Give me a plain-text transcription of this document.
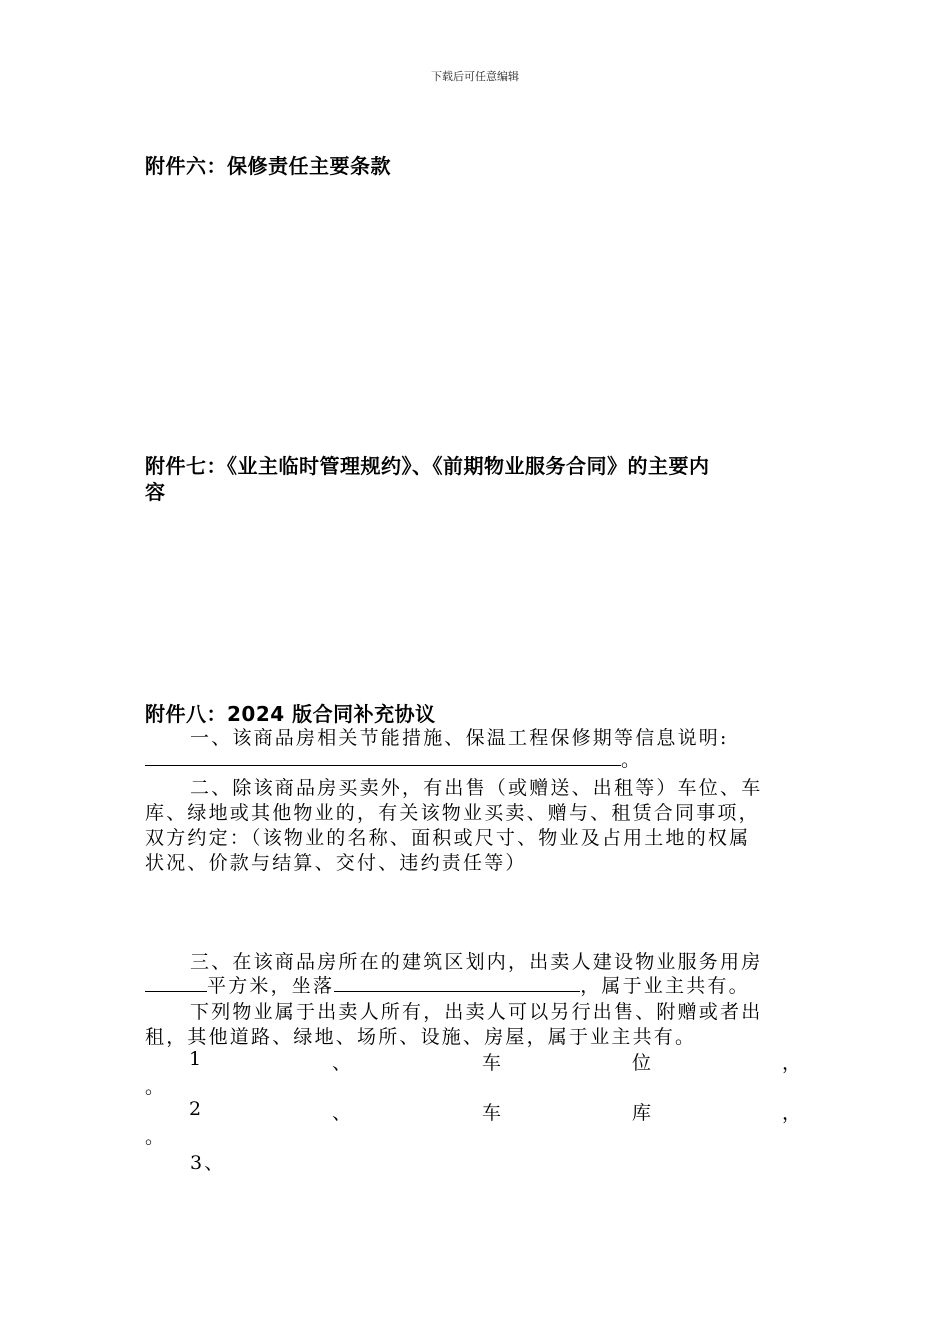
下载后可任意编辑
附件六：保修责任主要条款
附件七：《业主临时管理规约》、《前期物业服务合同》的主要内
容
附件八：2024 版合同补充协议
一、该商品房相关节能措施、保温工程保修期等信息说明:
。
二、除该商品房买卖外，有出售（或赠送、出租等）车位、车
库、绿地或其他物业的，有关该物业买卖、赠与、租赁合同事项，
双方约定：（该物业的名称、面积或尺寸、物业及占用土地的权属
状况、价款与结算、交付、违约责任等）
三、在该商品房所在的建筑区划内，出卖人建设物业服务用房
平方米，坐落	，属于业主共有。
下列物业属于出卖人所有，出卖人可以另行出售、附赠或者出
租，其他道路、绿地、场所、设施、房屋，属于业主共有。
1	、	车	位	，
。
2	、	车	库	，
。
3、
